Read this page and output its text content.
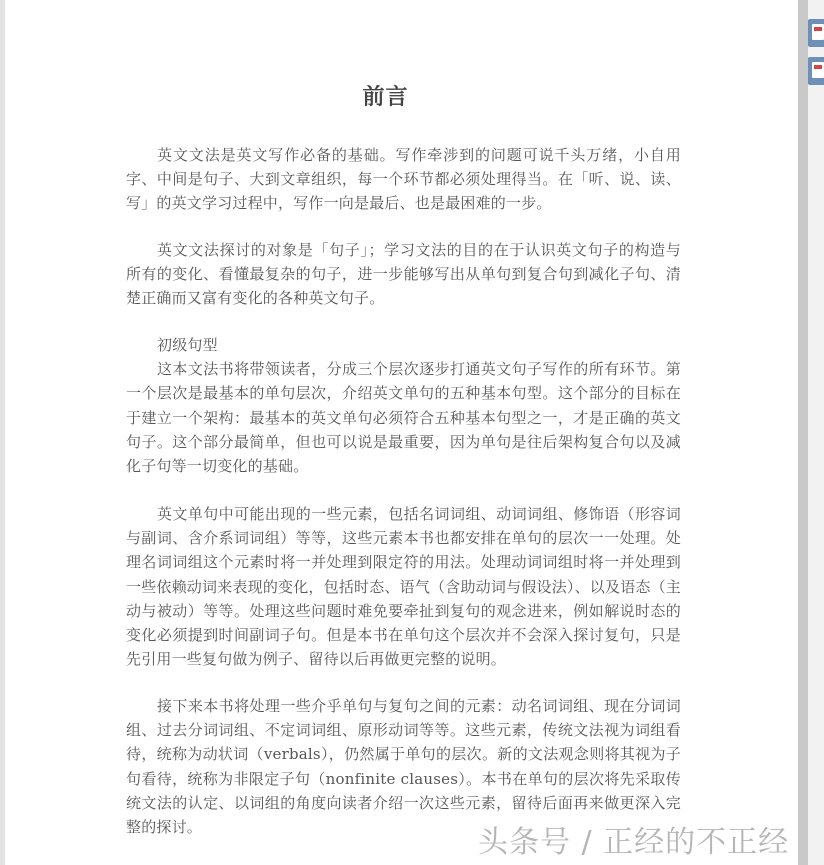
前言

英文文法是英文写作必备的基础。写作牵涉到的问题可说千头万绪，小自用字、中间是句子、大到文章组织，每一个环节都必须处理得当。在「听、说、读、写」的英文学习过程中，写作一向是最后、也是最困难的一步。

英文文法探讨的对象是「句子」；学习文法的目的在于认识英文句子的构造与所有的变化、看懂最复杂的句子，进一步能够写出从单句到复合句到减化子句、清楚正确而又富有变化的各种英文句子。

初级句型
这本文法书将带领读者，分成三个层次逐步打通英文句子写作的所有环节。第一个层次是最基本的单句层次，介绍英文单句的五种基本句型。这个部分的目标在于建立一个架构：最基本的英文单句必须符合五种基本句型之一，才是正确的英文句子。这个部分最简单，但也可以说是最重要，因为单句是往后架构复合句以及减化子句等一切变化的基础。

英文单句中可能出现的一些元素，包括名词词组、动词词组、修饰语（形容词与副词、含介系词词组）等等，这些元素本书也都安排在单句的层次一一处理。处理名词词组这个元素时将一并处理到限定符的用法。处理动词词组时将一并处理到一些依赖动词来表现的变化，包括时态、语气（含助动词与假设法）、以及语态（主动与被动）等等。处理这些问题时难免要牵扯到复句的观念进来，例如解说时态的变化必须提到时间副词子句。但是本书在单句这个层次并不会深入探讨复句，只是先引用一些复句做为例子、留待以后再做更完整的说明。

接下来本书将处理一些介乎单句与复句之间的元素：动名词词组、现在分词词组、过去分词词组、不定词词组、原形动词等等。这些元素，传统文法视为词组看待，统称为动状词（verbals），仍然属于单句的层次。新的文法观念则将其视为子句看待，统称为非限定子句（nonfinite clauses）。本书在单句的层次将先采取传统文法的认定、以词组的角度向读者介绍一次这些元素，留待后面再来做更深入完整的探讨。	头条号 / 正经的不正经
